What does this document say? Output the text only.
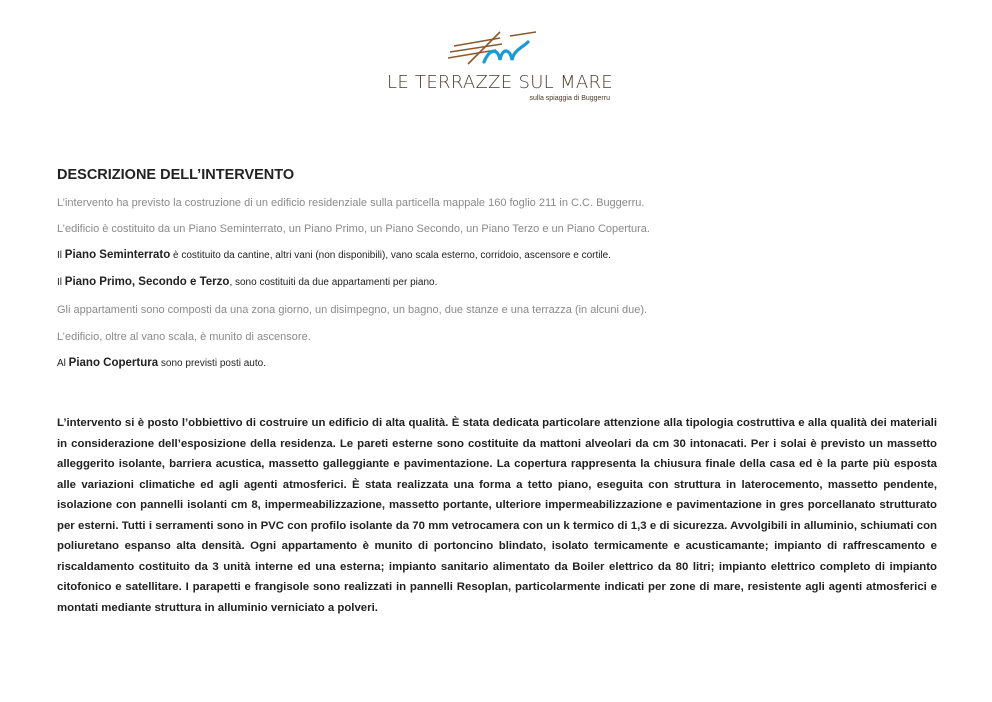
LE TERRAZZE SUL MARE
sulla spiaggia di Buggerru
DESCRIZIONE DELL’INTERVENTO
L’intervento ha previsto la costruzione di un edificio residenziale sulla particella mappale 160 foglio 211 in C.C. Buggerru.
L’edificio è costituito da un Piano Seminterrato, un Piano Primo, un Piano Secondo, un Piano Terzo e un Piano Copertura.
Il Piano Seminterrato è costituito da cantine, altri vani (non disponibili), vano scala esterno, corridoio, ascensore e cortile.
Il Piano Primo, Secondo e Terzo, sono costituiti da due appartamenti per piano.
Gli appartamenti sono composti da una zona giorno, un disimpegno, un bagno, due stanze e una terrazza (in alcuni due).
L’edificio, oltre al vano scala, è munito di ascensore.
Al Piano Copertura sono previsti posti auto.

L’intervento si è posto l’obbiettivo di costruire un edificio di alta qualità. È stata dedicata particolare attenzione alla tipologia costruttiva e alla qualità dei materiali in considerazione dell’esposizione della residenza. Le pareti esterne sono costituite da mattoni alveolari da cm 30 intonacati. Per i solai è previsto un massetto alleggerito isolante, barriera acustica, massetto galleggiante e pavimentazione. La copertura rappresenta la chiusura finale della casa ed è la parte più esposta alle variazioni climatiche ed agli agenti atmosferici. È stata realizzata una forma a tetto piano, eseguita con struttura in laterocemento, massetto pendente, isolazione con pannelli isolanti cm 8, impermeabilizzazione, massetto portante, ulteriore impermeabilizzazione e pavimentazione in gres porcellanato strutturato per esterni. Tutti i serramenti sono in PVC con profilo isolante da 70 mm vetrocamera con un k termico di 1,3 e di sicurezza. Avvolgibili in alluminio, schiumati con poliuretano espanso alta densità. Ogni appartamento è munito di portoncino blindato, isolato termicamente e acusticamante; impianto di raffrescamento e riscaldamento costituito da 3 unità interne ed una esterna; impianto sanitario alimentato da Boiler elettrico da 80 litri; impianto elettrico completo di impianto citofonico e satellitare. I parapetti e frangisole sono realizzati in pannelli Resoplan, particolarmente indicati per zone di mare, resistente agli agenti atmosferici e montati mediante struttura in alluminio verniciato a polveri.
